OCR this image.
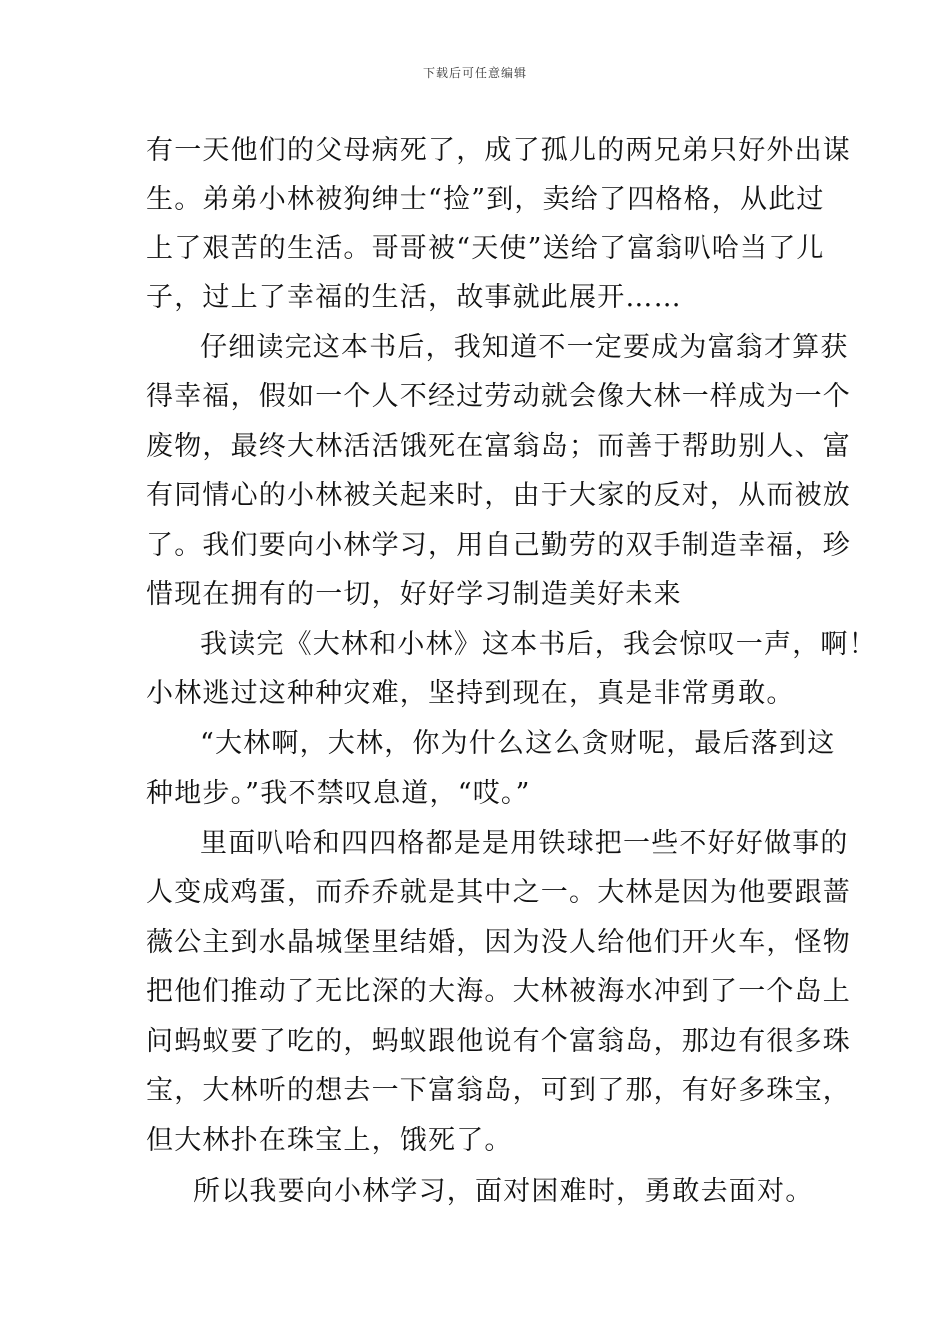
下载后可任意编辑
有一天他们的父母病死了，成了孤儿的两兄弟只好外出谋
生。弟弟小林被狗绅士“捡”到，卖给了四格格，从此过
上了艰苦的生活。哥哥被“天使”送给了富翁叭哈当了儿
子，过上了幸福的生活，故事就此展开……
仔细读完这本书后，我知道不一定要成为富翁才算获
得幸福，假如一个人不经过劳动就会像大林一样成为一个
废物，最终大林活活饿死在富翁岛；而善于帮助别人、富
有同情心的小林被关起来时，由于大家的反对，从而被放
了。我们要向小林学习，用自己勤劳的双手制造幸福，珍
惜现在拥有的一切，好好学习制造美好未来
我读完《大林和小林》这本书后，我会惊叹一声，啊！
小林逃过这种种灾难，坚持到现在，真是非常勇敢。
“大林啊，大林，你为什么这么贪财呢，最后落到这
种地步。”我不禁叹息道，“哎。”
里面叭哈和四四格都是是用铁球把一些不好好做事的
人变成鸡蛋，而乔乔就是其中之一。大林是因为他要跟蔷
薇公主到水晶城堡里结婚，因为没人给他们开火车，怪物
把他们推动了无比深的大海。大林被海水冲到了一个岛上
问蚂蚁要了吃的，蚂蚁跟他说有个富翁岛，那边有很多珠
宝，大林听的想去一下富翁岛，可到了那，有好多珠宝，
但大林扑在珠宝上，饿死了。
所以我要向小林学习，面对困难时，勇敢去面对。
